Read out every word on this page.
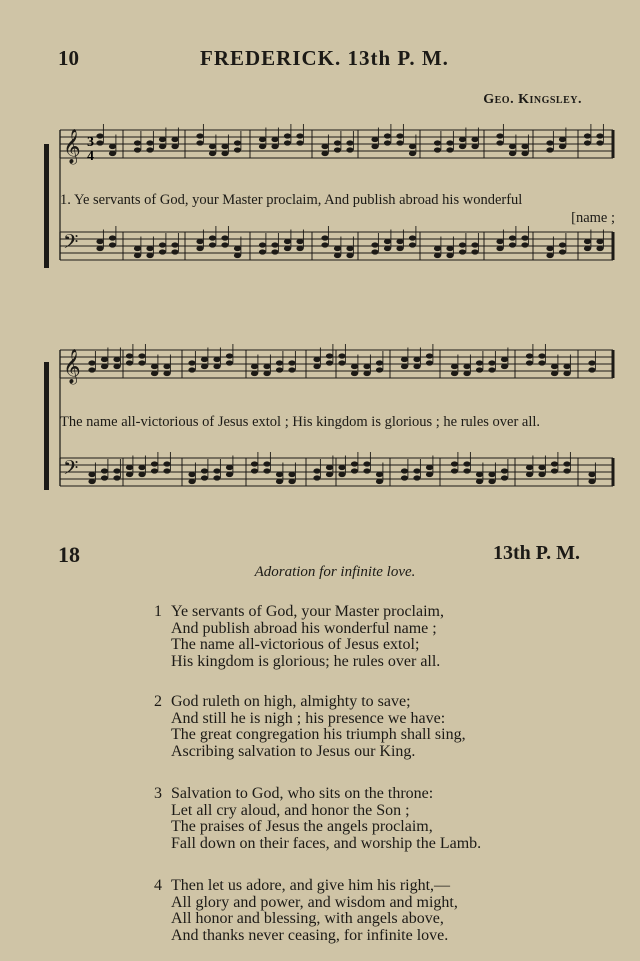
10	FREDERICK. 13th P. M.
Geo. Kingsley.
𝄞
𝄢
𝄞
𝄢
3
4
1. Ye servants of God, your Master proclaim, And publish abroad his wonderful
[name ;
The name all-victorious of Jesus extol ; His kingdom is glorious ; he rules over all.
18	13th P. M.
Adoration for infinite love.
1 Ye servants of God, your Master proclaim,
And publish abroad his wonderful name ;
The name all-victorious of Jesus extol;
His kingdom is glorious; he rules over all.
2 God ruleth on high, almighty to save;
And still he is nigh ; his presence we have:
The great congregation his triumph shall sing,
Ascribing salvation to Jesus our King.
3 Salvation to God, who sits on the throne:
Let all cry aloud, and honor the Son ;
The praises of Jesus the angels proclaim,
Fall down on their faces, and worship the Lamb.
4 Then let us adore, and give him his right,—
All glory and power, and wisdom and might,
All honor and blessing, with angels above,
And thanks never ceasing, for infinite love.
